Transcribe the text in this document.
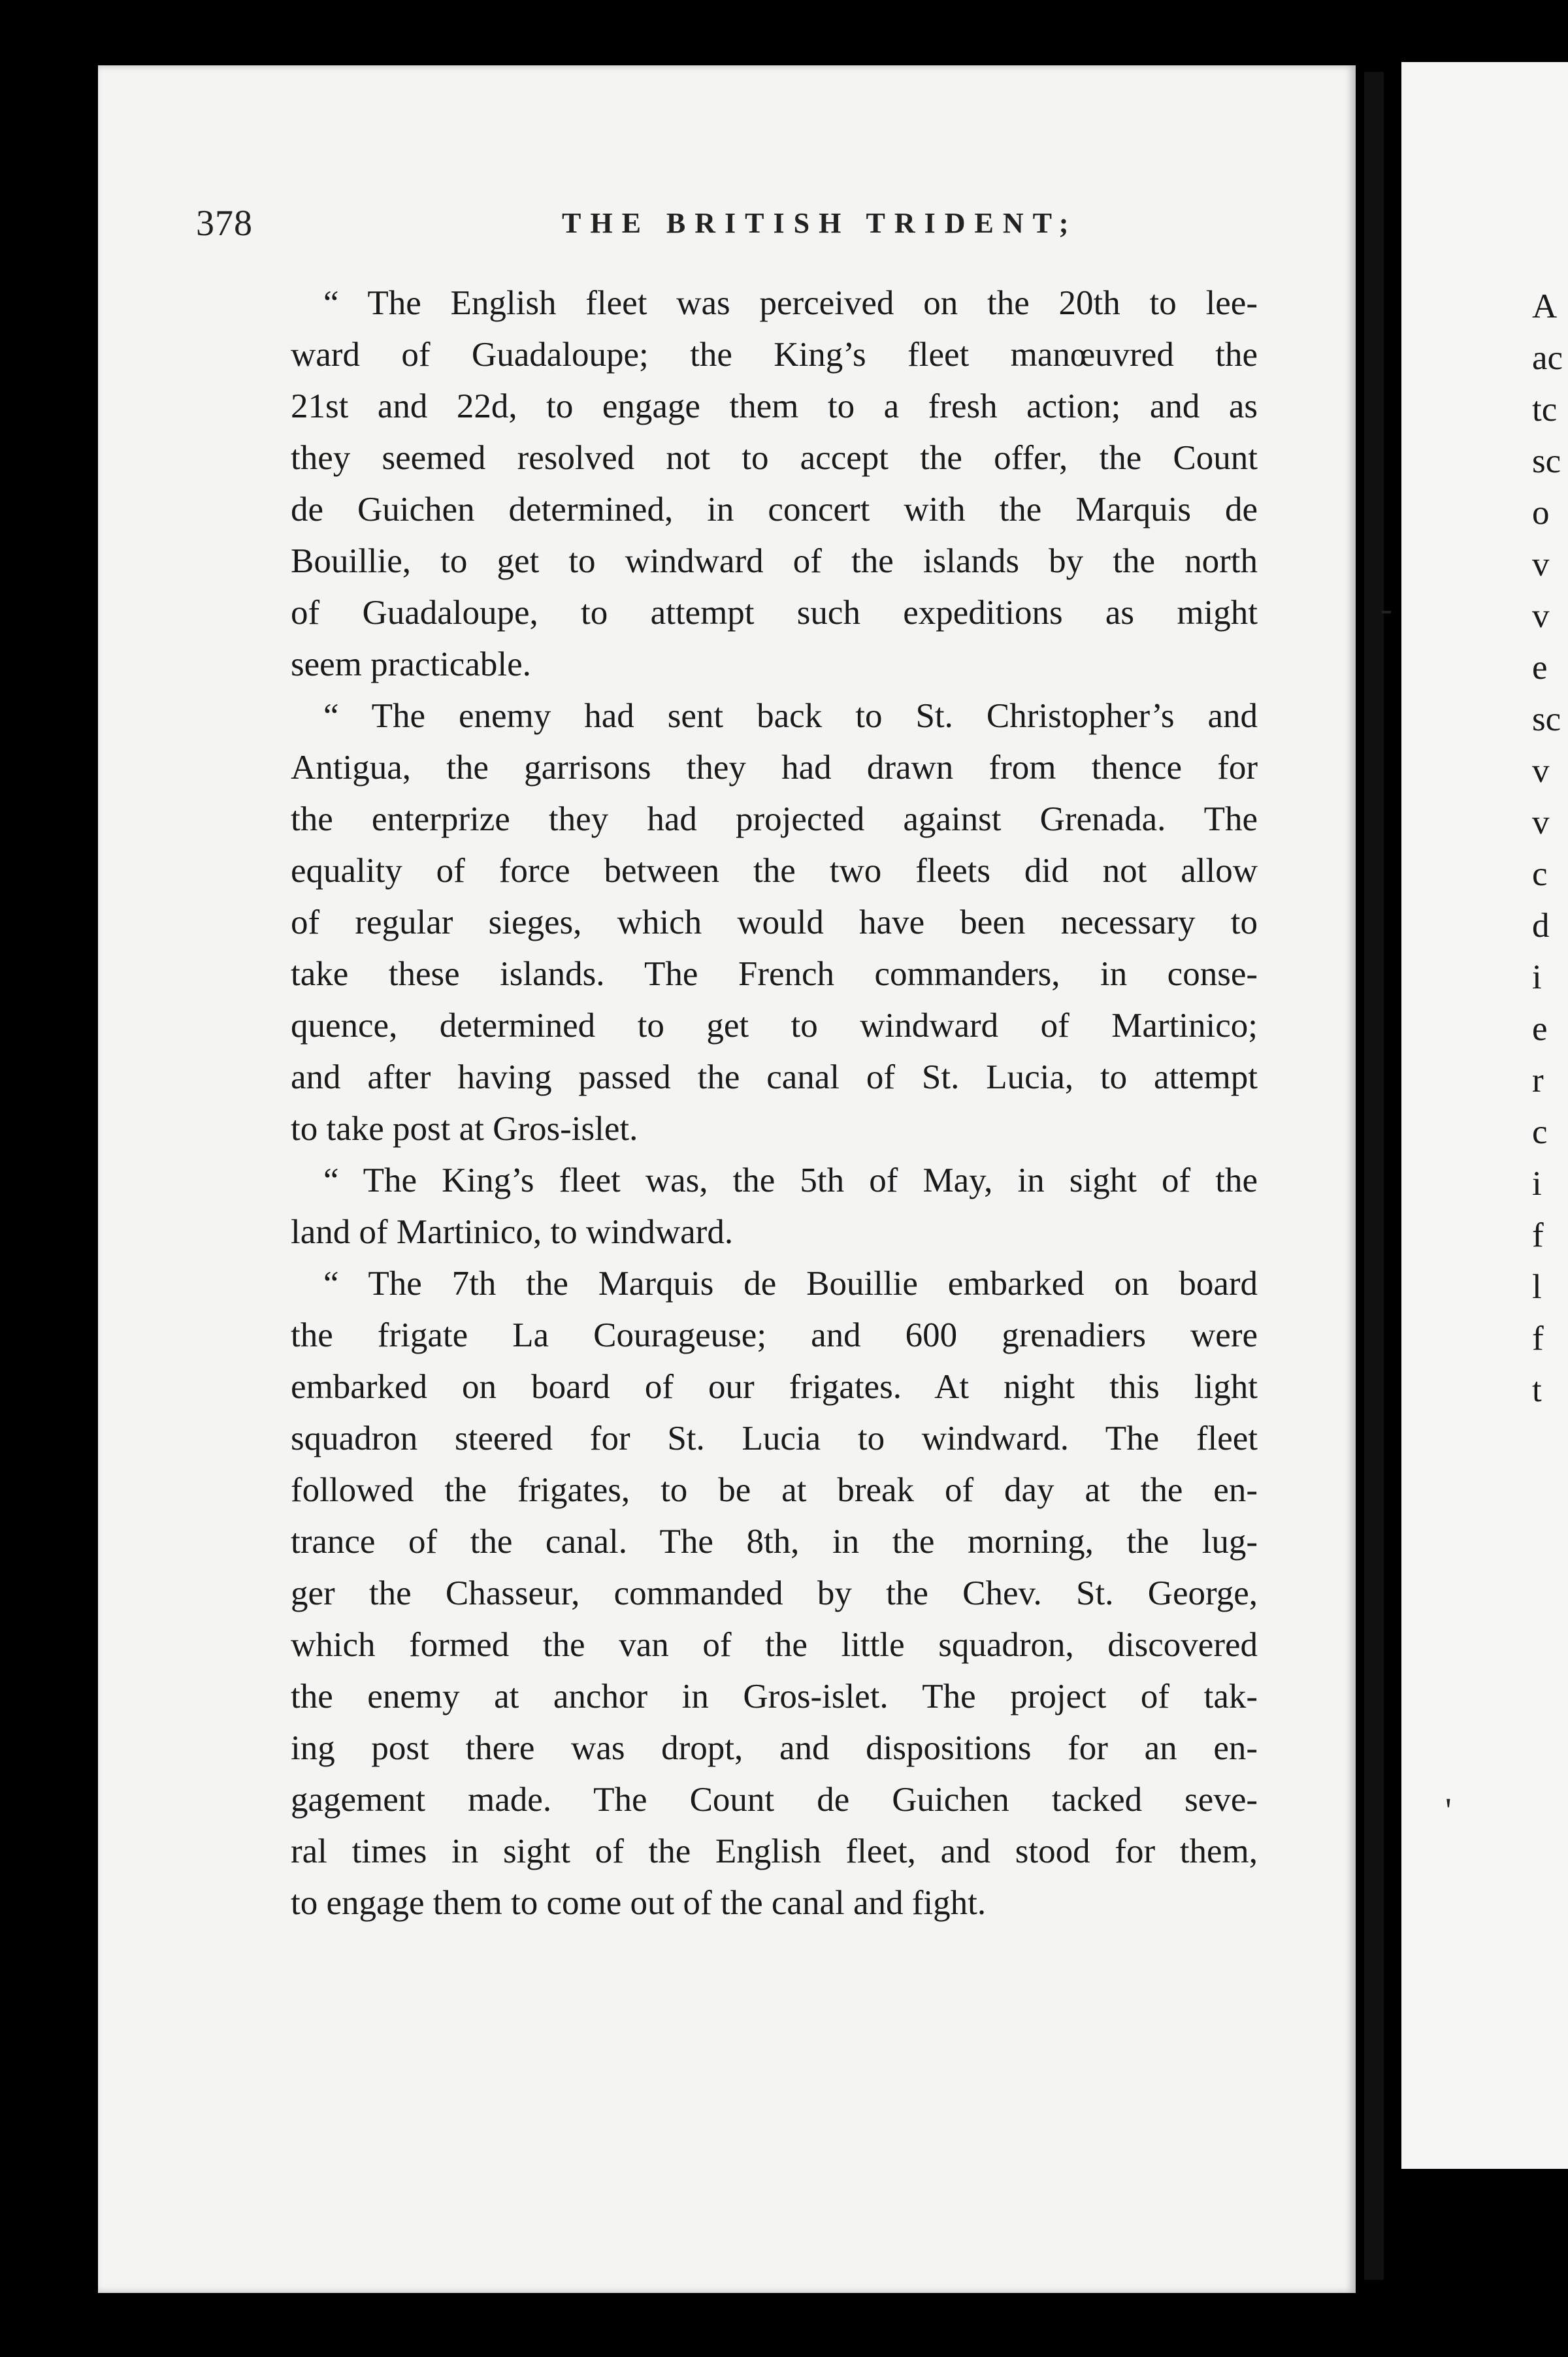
378	THE BRITISH TRIDENT;

“ The English fleet was perceived on the 20th to lee-
ward of Guadaloupe; the King’s fleet manœuvred the
21st and 22d, to engage them to a fresh action; and as
they seemed resolved not to accept the offer, the Count
de Guichen determined, in concert with the Marquis de
Bouillie, to get to windward of the islands by the north
of Guadaloupe, to attempt such expeditions as might
seem practicable.

“ The enemy had sent back to St. Christopher’s and
Antigua, the garrisons they had drawn from thence for
the enterprize they had projected against Grenada. The
equality of force between the two fleets did not allow
of regular sieges, which would have been necessary to
take these islands. The French commanders, in conse-
quence, determined to get to windward of Martinico;
and after having passed the canal of St. Lucia, to attempt
to take post at Gros-islet.

“ The King’s fleet was, the 5th of May, in sight of the
land of Martinico, to windward.

“ The 7th the Marquis de Bouillie embarked on board
the frigate La Courageuse; and 600 grenadiers were
embarked on board of our frigates. At night this light
squadron steered for St. Lucia to windward. The fleet
followed the frigates, to be at break of day at the en-
trance of the canal. The 8th, in the morning, the lug-
ger the Chasseur, commanded by the Chev. St. George,
which formed the van of the little squadron, discovered
the enemy at anchor in Gros-islet. The project of tak-
ing post there was dropt, and dispositions for an en-
gagement made. The Count de Guichen tacked seve-
ral times in sight of the English fleet, and stood for them,
to engage them to come out of the canal and fight.

A
ac
tc
sc
o
v
v
e
sc
v
v
c
d
i
e
r
c
i
f
l
f
t
'
